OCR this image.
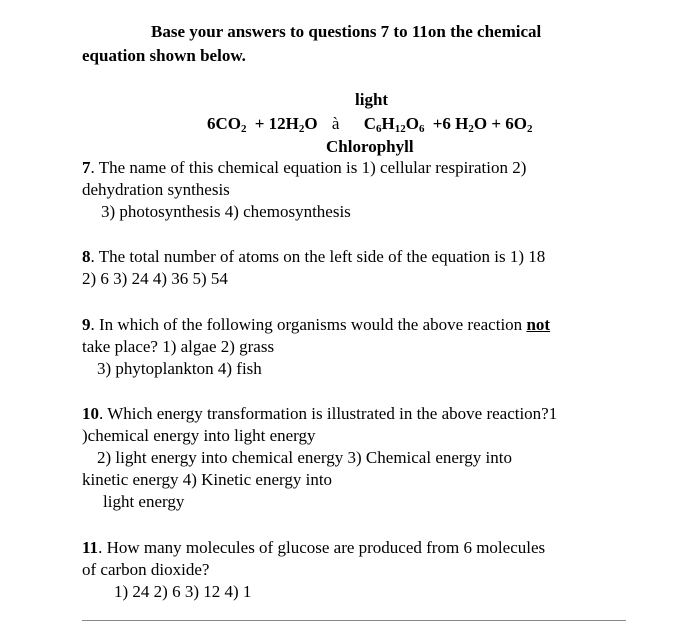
Base your answers to questions 7 to 11on the chemical
equation shown below.
light
$6CO_2 + 12H_2O$ à $C_6H_{12}O_6 +6$ $H_2O + 6O_2$
Chlorophyll
7. The name of this chemical equation is 1) cellular respiration 2)
dehydration synthesis
3) photosynthesis 4) chemosynthesis
8. The total number of atoms on the left side of the equation is 1) 18
2) 6 3) 24 4) 36 5) 54
9. In which of the following organisms would the above reaction not
take place? 1) algae 2) grass
3) phytoplankton 4) fish
10. Which energy transformation is illustrated in the above reaction?1
)chemical energy into light energy
2) light energy into chemical energy 3) Chemical energy into
kinetic energy 4) Kinetic energy into
light energy
11. How many molecules of glucose are produced from 6 molecules
of carbon dioxide?
1) 24 2) 6 3) 12 4) 1
